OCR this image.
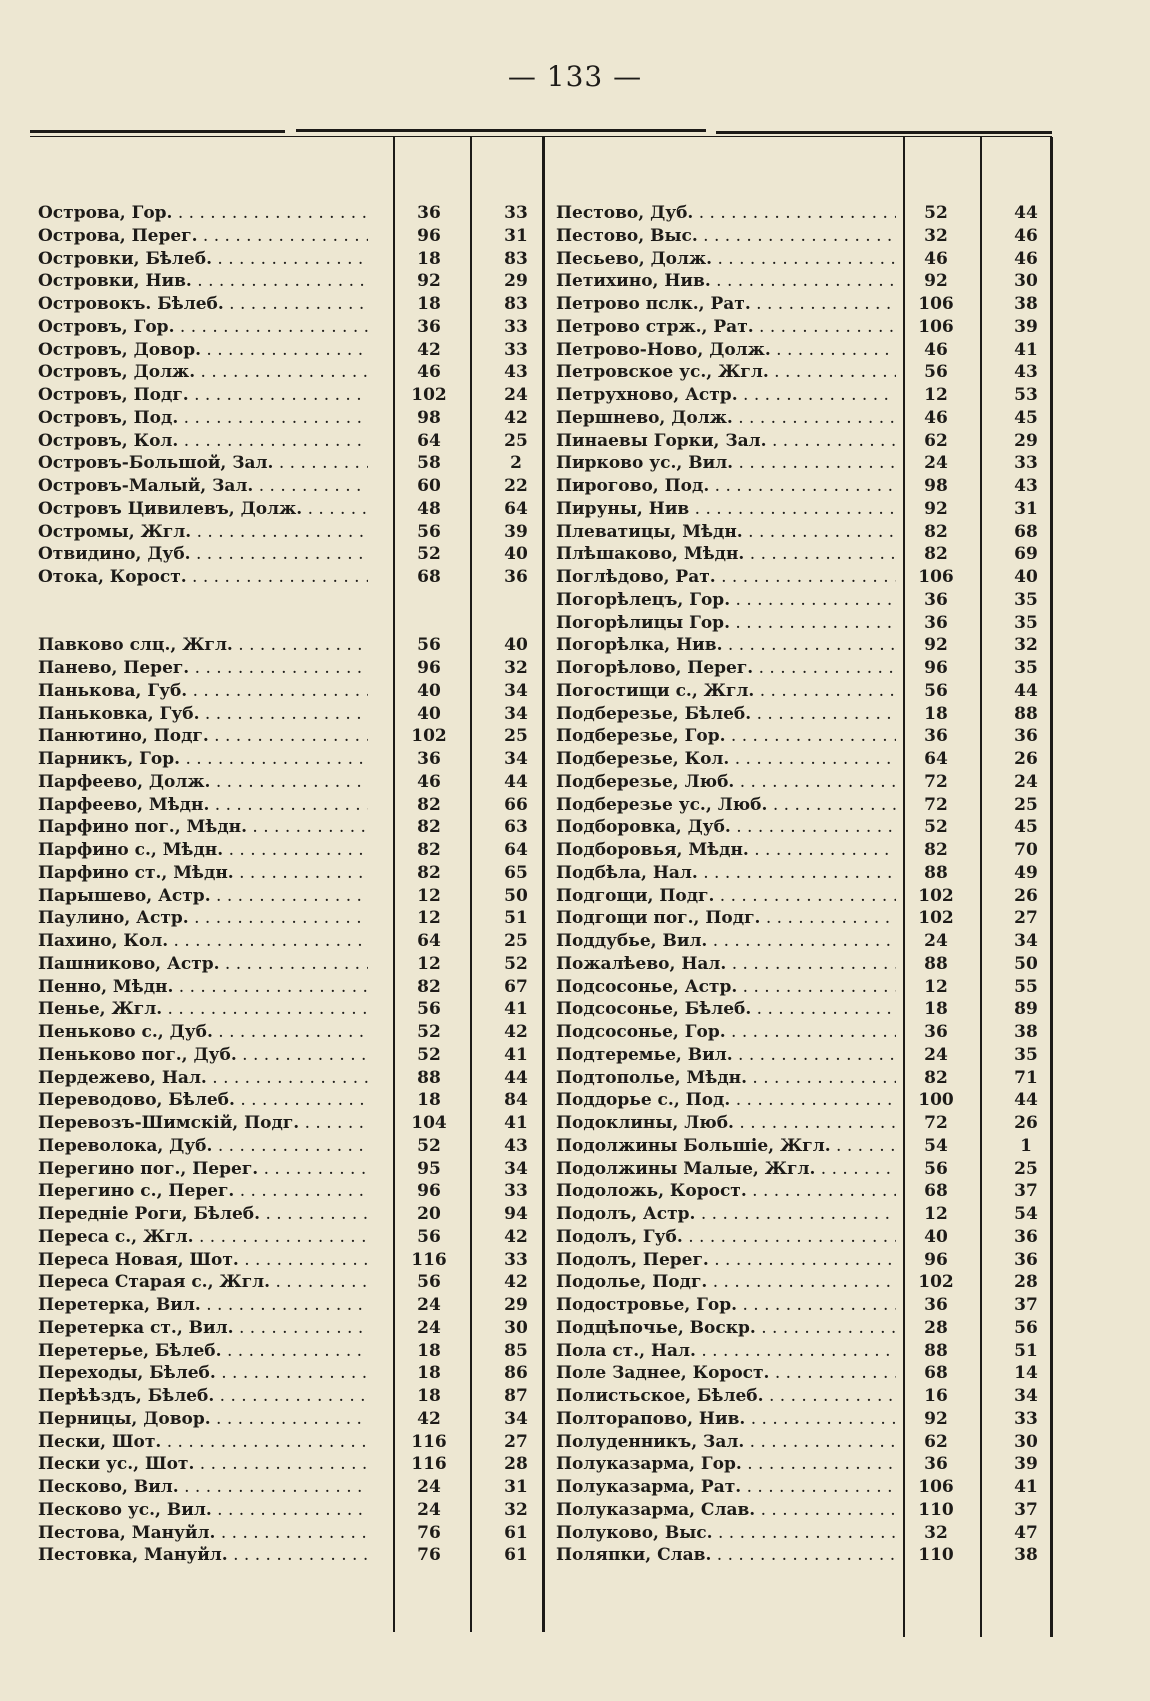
— 133 —
Острова, Гор. . . .	36	33
Острова, Перег. . . .	96	31
Островки, Бѣлеб. . . .	18	83
Островки, Нив. . . .	92	29
Островокъ. Бѣлеб. . . .	18	83
Островъ, Гор. . . .	36	33
Островъ, Довор. . . .	42	33
Островъ, Долж. . . .	46	43
Островъ, Подг. . . .	102	24
Островъ, Под. . . .	98	42
Островъ, Кол. . . .	64	25
Островъ-Большой, Зал. . . .	58	2
Островъ-Малый, Зал. . . .	60	22
Островъ Цивилевъ, Долж. . . .	48	64
Остромы, Жгл. . . .	56	39
Отвидино, Дуб. . . .	52	40
Отока, Корост. . . .	68	36
Павково слц., Жгл. . . .	56	40
Панево, Перег. . . .	96	32
Панькова, Губ. . . .	40	34
Паньковка, Губ. . . .	40	34
Панютино, Подг. . . .	102	25
Парникъ, Гор. . . .	36	34
Парфеево, Долж. . . .	46	44
Парфеево, Мѣдн. . . .	82	66
Парфино пог., Мѣдн. . . .	82	63
Парфино с., Мѣдн. . . .	82	64
Парфино ст., Мѣдн. . . .	82	65
Парышево, Астр. . . .	12	50
Паулино, Астр. . . .	12	51
Пахино, Кол. . . .	64	25
Пашниково, Астр. . . .	12	52
Пенно, Мѣдн. . . .	82	67
Пенье, Жгл. . . .	56	41
Пеньково с., Дуб. . . .	52	42
Пеньково пог., Дуб. . . .	52	41
Пердежево, Нал. . . .	88	44
Переводово, Бѣлеб. . . .	18	84
Перевозъ-Шимскій, Подг. . . .	104	41
Переволока, Дуб. . . .	52	43
Перегино пог., Перег. . . .	95	34
Перегино с., Перег. . . .	96	33
Передніе Роги, Бѣлеб. . . .	20	94
Пересa с., Жгл. . . .	56	42
Переса Новая, Шот. . . .	116	33
Переса Старая с., Жгл. . . .	56	42
Перетерка, Вил. . . .	24	29
Перетерка ст., Вил. . . .	24	30
Перетерье, Бѣлеб. . . .	18	85
Переходы, Бѣлеб. . . .	18	86
Перѣѣздъ, Бѣлеб. . . .	18	87
Перницы, Довор. . . .	42	34
Пески, Шот. . . .	116	27
Пески ус., Шот. . . .	116	28
Песково, Вил. . . .	24	31
Песково ус., Вил. . . .	24	32
Пестова, Мануйл. . . .	76	61
Пестовка, Мануйл. . . .	76	61
Пестово, Дуб. . . .	52	44
Пестово, Выс. . . .	32	46
Песьево, Долж. . . .	46	46
Петихино, Нив. . . .	92	30
Петрово пслк., Рат. . . .	106	38
Петрово стрж., Рат. . . .	106	39
Петрово-Ново, Долж. . . .	46	41
Петровское ус., Жгл. . . .	56	43
Петрухново, Астр. . . .	12	53
Першнево, Долж. . . .	46	45
Пинаевы Горки, Зал. . . .	62	29
Пирково ус., Вил. . . .	24	33
Пирогово, Под. . . .	98	43
Пируны, Нив . . .	92	31
Плеватицы, Мѣдн. . . .	82	68
Плѣшаково, Мѣдн. . . .	82	69
Поглѣдово, Рат. . . .	106	40
Погорѣлецъ, Гор. . . .	36	35
Погорѣлицы Гор. . . .	36	35
Погорѣлка, Нив. . . .	92	32
Погорѣлово, Перег. . . .	96	35
Погостищи с., Жгл. . . .	56	44
Подберезье, Бѣлеб. . . .	18	88
Подберезье, Гор. . . .	36	36
Подберезье, Кол. . . .	64	26
Подберезье, Люб. . . .	72	24
Подберезье ус., Люб. . . .	72	25
Подборовка, Дуб. . . .	52	45
Подборовья, Мѣдн. . . .	82	70
Подбѣла, Нал. . . .	88	49
Подгощи, Подг. . . .	102	26
Подгощи пог., Подг. . . .	102	27
Поддубье, Вил. . . .	24	34
Пожалѣево, Нал. . . .	88	50
Подсосонье, Астр. . . .	12	55
Подсосонье, Бѣлеб. . . .	18	89
Подсосонье, Гор. . . .	36	38
Подтеремье, Вил. . . .	24	35
Подтополье, Мѣдн. . . .	82	71
Поддорье с., Под. . . .	100	44
Подоклины, Люб. . . .	72	26
Подолжины Большіе, Жгл. . . .	54	1
Подолжины Малые, Жгл. . . .	56	25
Подоложь, Корост. . . .	68	37
Подолъ, Астр. . . .	12	54
Подолъ, Губ. . . .	40	36
Подолъ, Перег. . . .	96	36
Подолье, Подг. . . .	102	28
Подостровье, Гор. . . .	36	37
Подцѣпочье, Воскр. . . .	28	56
Пола ст., Нал. . . .	88	51
Поле Заднее, Корост. . . .	68	14
Полистьское, Бѣлеб. . . .	16	34
Полторапово, Нив. . . .	92	33
Полуденникъ, Зал. . . .	62	30
Полуказарма, Гор. . . .	36	39
Полуказарма, Рат. . . .	106	41
Полуказарма, Слав. . . .	110	37
Полуково, Выс. . . .	32	47
Поляпки, Слав. . . .	110	38
